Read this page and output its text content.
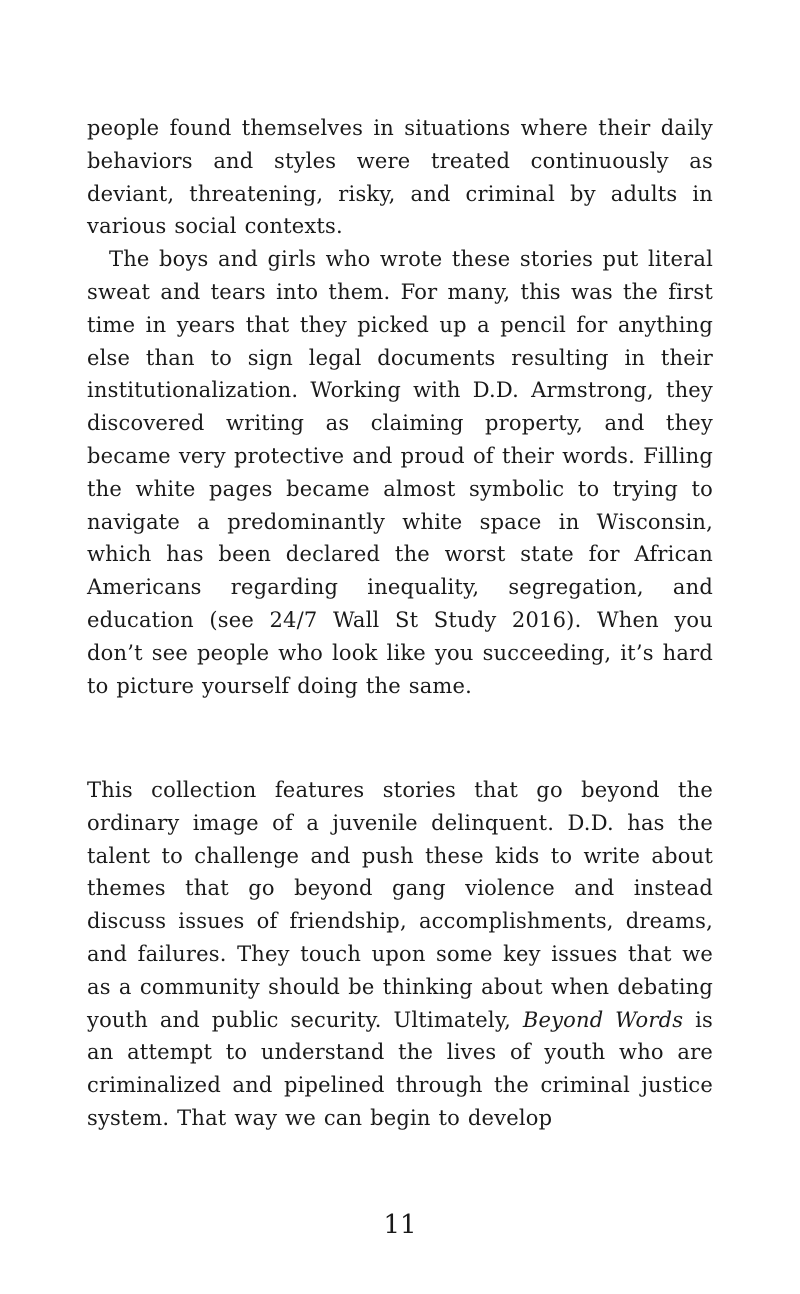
people found themselves in situations where their daily behaviors and styles were treated continuously as deviant, threatening, risky, and criminal by adults in various social contexts.

The boys and girls who wrote these stories put literal sweat and tears into them. For many, this was the first time in years that they picked up a pencil for anything else than to sign legal documents resulting in their institutionalization. Working with D.D. Armstrong, they discovered writing as claiming property, and they became very protective and proud of their words. Filling the white pages became almost symbolic to trying to navigate a predominantly white space in Wisconsin, which has been declared the worst state for African Americans regarding inequality, segregation, and education (see 24/7 Wall St Study 2016). When you don’t see people who look like you succeeding, it’s hard to picture yourself doing the same.

This collection features stories that go beyond the ordinary image of a juvenile delinquent. D.D. has the talent to challenge and push these kids to write about themes that go beyond gang violence and instead discuss issues of friendship, accomplishments, dreams, and failures. They touch upon some key issues that we as a community should be thinking about when debating youth and public security. Ultimately, Beyond Words is an attempt to understand the lives of youth who are criminalized and pipelined through the criminal justice system. That way we can begin to develop

11
